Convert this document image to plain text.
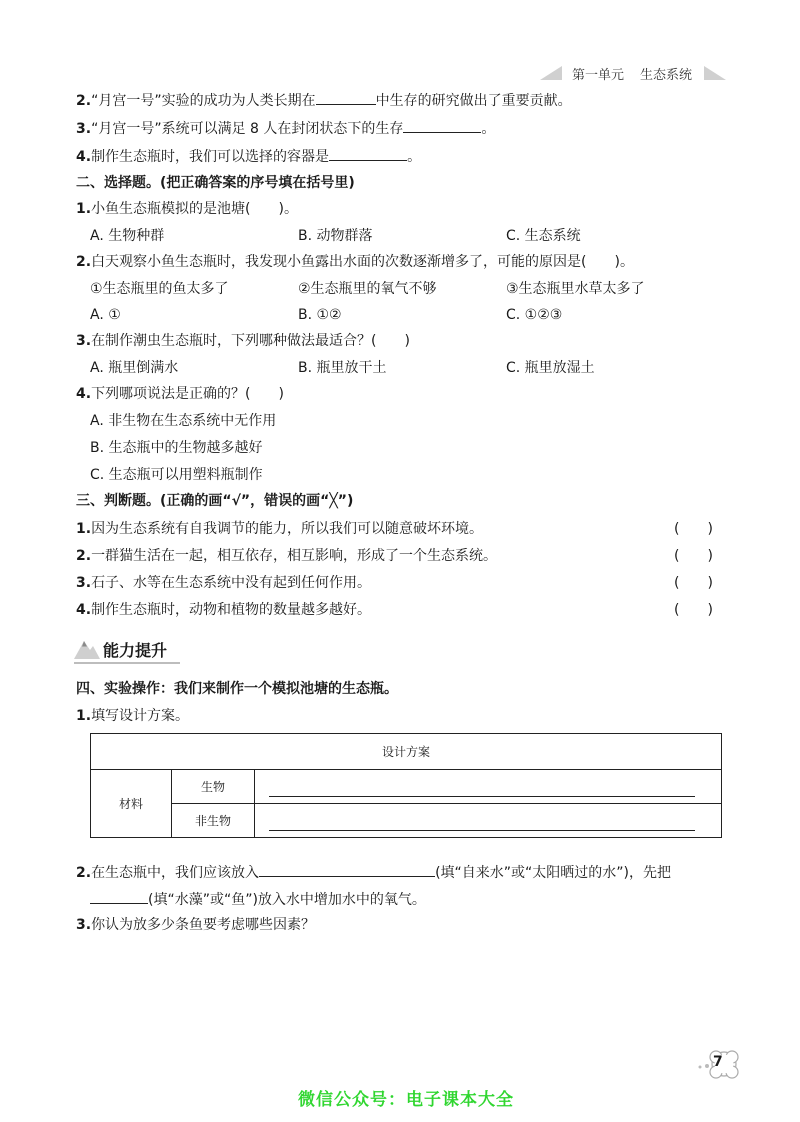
第一单元 生态系统
2.“月宫一号”实验的成功为人类长期在	中生存的研究做出了重要贡献。
3.“月宫一号”系统可以满足 8 人在封闭状态下的生存	。
4.制作生态瓶时，我们可以选择的容器是	。
二、选择题。(把正确答案的序号填在括号里)
1.小鱼生态瓶模拟的是池塘(　　)。
A. 生物种群	B. 动物群落	C. 生态系统
2.白天观察小鱼生态瓶时，我发现小鱼露出水面的次数逐渐增多了，可能的原因是(　　)。
①生态瓶里的鱼太多了	②生态瓶里的氧气不够	③生态瓶里水草太多了
A. ①	B. ①②	C. ①②③
3.在制作潮虫生态瓶时，下列哪种做法最适合？(　　)
A. 瓶里倒满水	B. 瓶里放干土	C. 瓶里放湿土
4.下列哪项说法是正确的？(　　)
A. 非生物在生态系统中无作用
B. 生态瓶中的生物越多越好
C. 生态瓶可以用塑料瓶制作
三、判断题。(正确的画“√”，错误的画“╳”)
1.因为生态系统有自我调节的能力，所以我们可以随意破坏环境。	(　　)
2.一群猫生活在一起，相互依存，相互影响，形成了一个生态系统。	(　　)
3.石子、水等在生态系统中没有起到任何作用。	(　　)
4.制作生态瓶时，动物和植物的数量越多越好。	(　　)
能力提升
四、实验操作：我们来制作一个模拟池塘的生态瓶。
1.填写设计方案。
设计方案		
材料	生物	

	非生物	
2.在生态瓶中，我们应该放入	(填“自来水”或“太阳晒过的水”)，先把
(填“水藻”或“鱼”)放入水中增加水中的氧气。
3.你认为放多少条鱼要考虑哪些因素？
7
微信公众号：电子课本大全
